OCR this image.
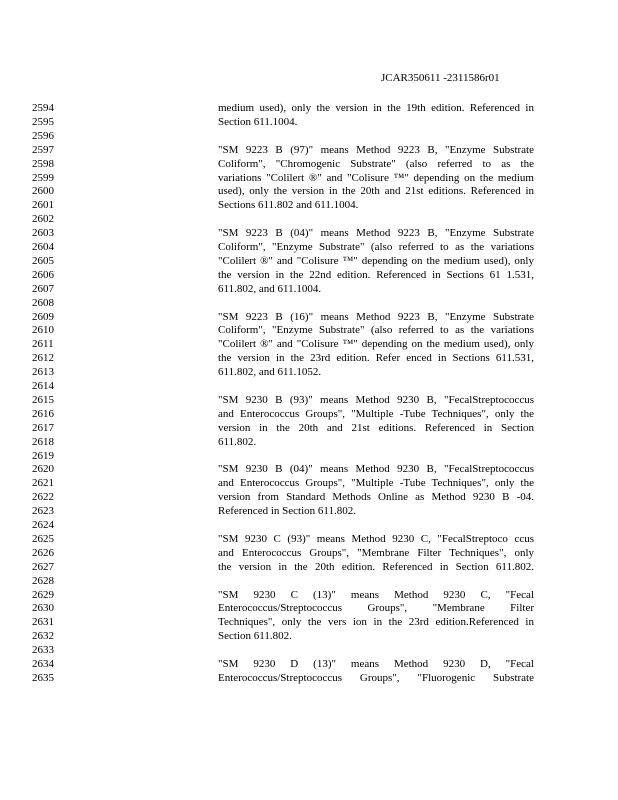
JCAR350611 -2311586r01
2594	medium used), only the version in the 19th edition. Referenced in
2595	Section 611.1004.
2596
2597	"SM 9223 B (97)" means Method 9223 B, "Enzyme Substrate
2598	Coliform", "Chromogenic Substrate" (also referred to as the
2599	variations "Colilert ®" and "Colisure ™" depending on the medium
2600	used), only the version in the 20th and 21st editions. Referenced in
2601	Sections 611.802 and 611.1004.
2602
2603	"SM 9223 B (04)" means Method 9223 B, "Enzyme Substrate
2604	Coliform", "Enzyme Substrate" (also referred to as the variations
2605	"Colilert ®" and "Colisure ™" depending on the medium used), only
2606	the version in the 22nd edition. Referenced in Sections 61 1.531,
2607	611.802, and 611.1004.
2608
2609	"SM 9223 B (16)" means Method 9223 B, "Enzyme Substrate
2610	Coliform", "Enzyme Substrate" (also referred to as the variations
2611	"Colilert ®" and "Colisure ™" depending on the medium used), only
2612	the version in the 23rd edition. Refer enced in Sections 611.531,
2613	611.802, and 611.1052.
2614
2615	"SM 9230 B (93)" means Method 9230 B, "FecalStreptococcus
2616	and Enterococcus Groups", "Multiple -Tube Techniques", only the
2617	version in the 20th and 21st editions. Referenced in Section
2618	611.802.
2619
2620	"SM 9230 B (04)" means Method 9230 B, "FecalStreptococcus
2621	and Enterococcus Groups", "Multiple -Tube Techniques", only the
2622	version from Standard Methods Online as Method 9230 B -04.
2623	Referenced in Section 611.802.
2624
2625	"SM 9230 C (93)" means Method 9230 C, "FecalStreptoco ccus
2626	and Enterococcus Groups", "Membrane Filter Techniques", only
2627	the version in the 20th edition. Referenced in Section 611.802.
2628
2629	"SM 9230 C (13)" means Method 9230 C, "Fecal
2630	Enterococcus/Streptococcus Groups", "Membrane Filter
2631	Techniques", only the vers ion in the 23rd edition.Referenced in
2632	Section 611.802.
2633
2634	"SM 9230 D (13)" means Method 9230 D, "Fecal
2635	Enterococcus/Streptococcus Groups", "Fluorogenic Substrate
